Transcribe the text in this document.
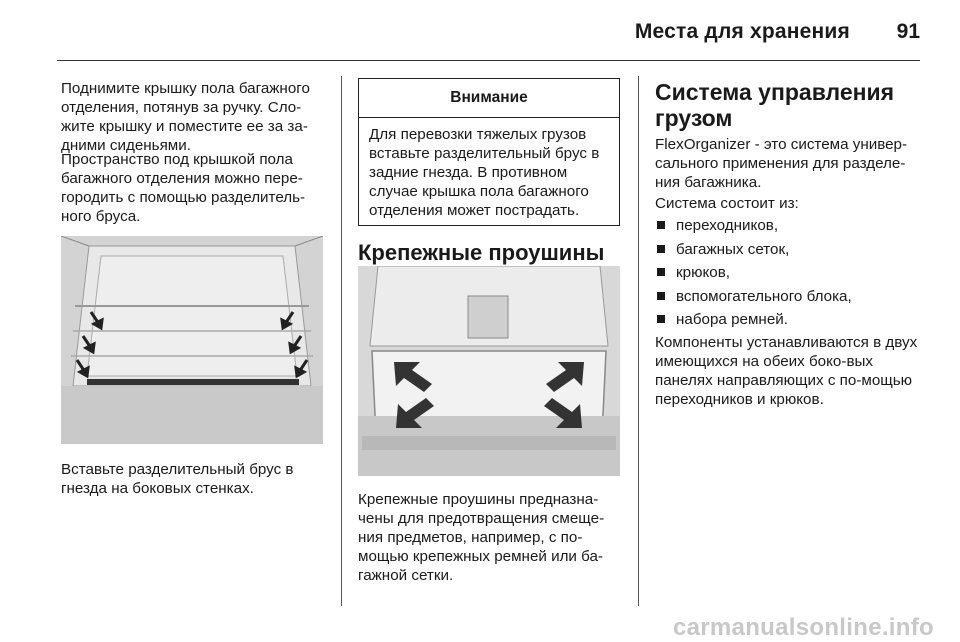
Места для хранения	91

Поднимите крышку пола багажного отделения, потянув за ручку. Сло-жите крышку и поместите ее за за-дними сиденьями.

Пространство под крышкой пола багажного отделения можно пере-городить с помощью разделитель-ного бруса.

Вставьте разделительный брус в гнезда на боковых стенках.

Внимание
Для перевозки тяжелых грузов вставьте разделительный брус в задние гнезда. В противном случае крышка пола багажного отделения может пострадать.
Крепежные проушины

Крепежные проушины предназна-чены для предотвращения смеще-ния предметов, например, с по-мощью крепежных ремней или ба-гажной сетки.

Система управления грузом

FlexOrganizer - это система универ-сального применения для разделе-ния багажника.

Система состоит из:

переходников,
багажных сеток,
крюков,
вспомогательного блока,
набора ремней.

Компоненты устанавливаются в двух имеющихся на обеих боко-вых панелях направляющих с по-мощью переходников и крюков.

carmanualsonline.info
